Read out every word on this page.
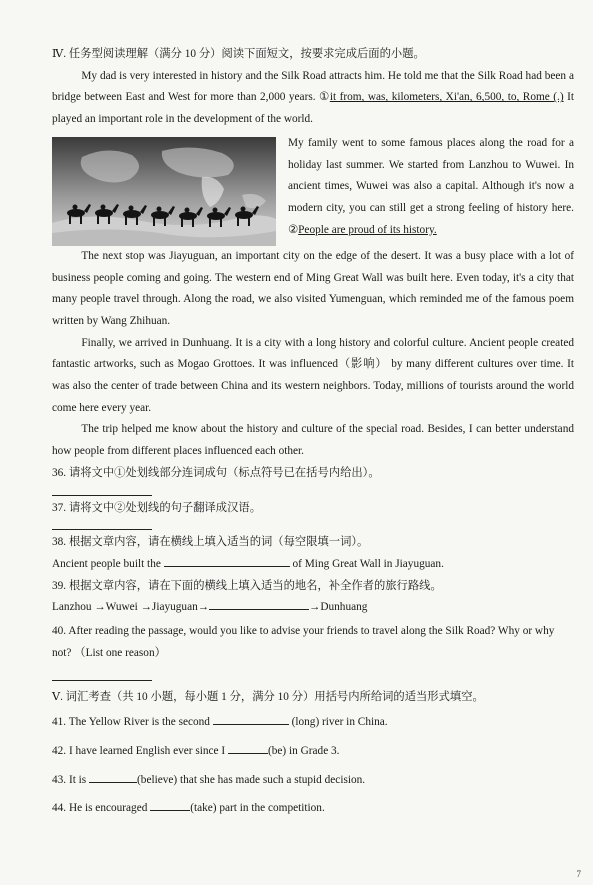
Ⅳ. 任务型阅读理解（满分 10 分）阅读下面短文，按要求完成后面的小题。

My dad is very interested in history and the Silk Road attracts him. He told me that the Silk Road had been a bridge between East and West for more than 2,000 years. ①it from, was, kilometers, Xi'an, 6,500, to, Rome (.) It played an important role in the development of the world.

My family went to some famous places along the road for a holiday last summer. We started from Lanzhou to Wuwei. In ancient times, Wuwei was also a capital. Although it's now a modern city, you can still get a strong feeling of history here. ②People are proud of its history.

The next stop was Jiayuguan, an important city on the edge of the desert. It was a busy place with a lot of business people coming and going. The western end of Ming Great Wall was built here. Even today, it's a city that many people travel through. Along the road, we also visited Yumenguan, which reminded me of the famous poem written by Wang Zhihuan.

Finally, we arrived in Dunhuang. It is a city with a long history and colorful culture. Ancient people created fantastic artworks, such as Mogao Grottoes. It was influenced（影响） by many different cultures over time. It was also the center of trade between China and its western neighbors. Today, millions of tourists around the world come here every year.

The trip helped me know about the history and culture of the special road. Besides, I can better understand how people from different places influenced each other.

36. 请将文中①处划线部分连词成句（标点符号已在括号内给出）。

37. 请将文中②处划线的句子翻译成汉语。

38. 根据文章内容，请在横线上填入适当的词（每空限填一词）。

Ancient people built the	of Ming Great Wall in Jiayuguan.

39. 根据文章内容，请在下面的横线上填入适当的地名，补全作者的旅行路线。

Lanzhou →Wuwei →Jiayuguan→	→Dunhuang

40. After reading the passage, would you like to advise your friends to travel along the Silk Road? Why or why not? （List one reason）

Ⅴ. 词汇考查（共 10 小题，每小题 1 分，满分 10 分）用括号内所给词的适当形式填空。

41. The Yellow River is the second	(long) river in China.

42. I have learned English ever since I	(be) in Grade 3.

43. It is	(believe) that she has made such a stupid decision.

44. He is encouraged	(take) part in the competition.

7
